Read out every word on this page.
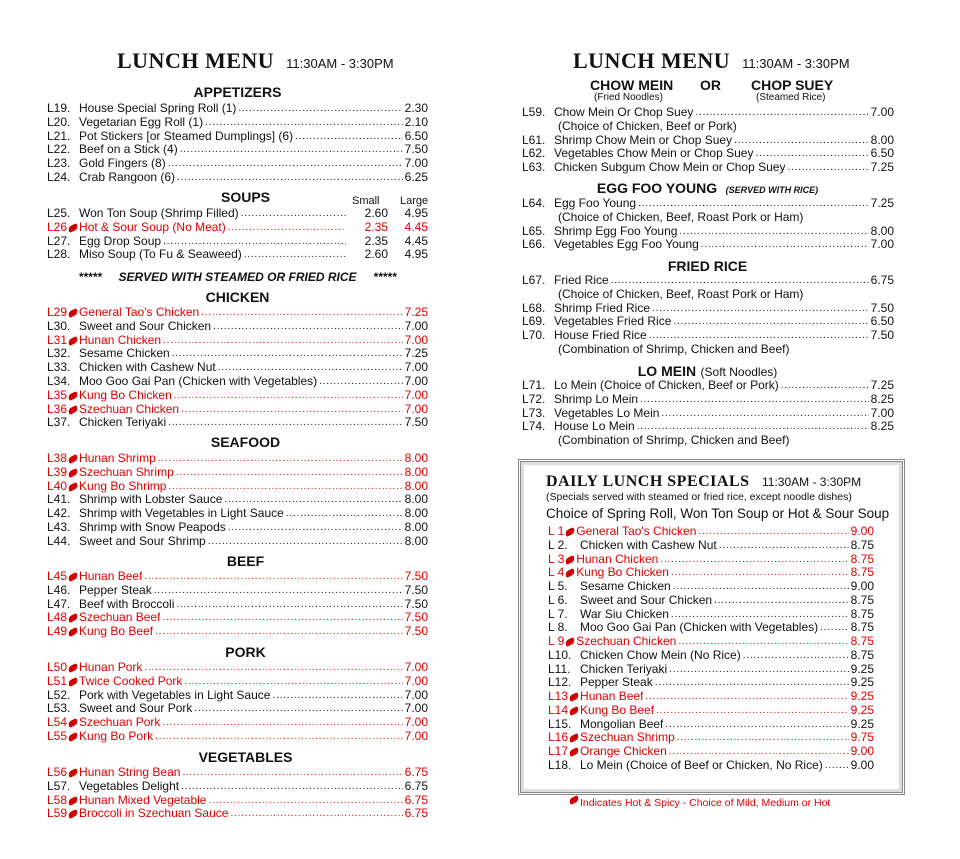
LUNCH MENU 11:30AM - 3:30PM
APPETIZERS
L19. House Special Spring Roll (1) . . .	2.30
L20. Vegetarian Egg Roll (1) . . .	2.10
L21. Pot Stickers [or Steamed Dumplings] (6) . . .	6.50
L22. Beef on a Stick (4) . . .	7.50
L23. Gold Fingers (8) . . .	7.00
L24. Crab Rangoon (6) . . .	6.25
SOUPS	Small Large
L25. Won Ton Soup (Shrimp Filled) . . .	2.60	4.95
L26 Hot & Sour Soup (No Meat) . . .	2.35	4.45
L27. Egg Drop Soup . . .	2.35	4.45
L28. Miso Soup (To Fu & Seaweed) . . .	2.60	4.95
*****     SERVED WITH STEAMED OR FRIED RICE     *****
CHICKEN
L29 General Tao's Chicken . . .	7.25
L30. Sweet and Sour Chicken . . .	7.00
L31 Hunan Chicken . . .	7.00
L32. Sesame Chicken . . .	7.25
L33. Chicken with Cashew Nut . . .	7.00
L34. Moo Goo Gai Pan (Chicken with Vegetables) . . .	7.00
L35 Kung Bo Chicken . . .	7.00
L36 Szechuan Chicken . . .	7.00
L37. Chicken Teriyaki . . .	7.50
SEAFOOD
L38 Hunan Shrimp . . .	8.00
L39 Szechuan Shrimp . . .	8.00
L40 Kung Bo Shrimp . . .	8.00
L41. Shrimp with Lobster Sauce . . .	8.00
L42. Shrimp with Vegetables in Light Sauce . . .	8.00
L43. Shrimp with Snow Peapods . . .	8.00
L44. Sweet and Sour Shrimp . . .	8.00
BEEF
L45 Hunan Beef . . .	7.50
L46. Pepper Steak . . .	7.50
L47. Beef with Broccoli . . .	7.50
L48 Szechuan Beef . . .	7.50
L49 Kung Bo Beef . . .	7.50
PORK
L50 Hunan Pork . . .	7.00
L51 Twice Cooked Pork . . .	7.00
L52. Pork with Vegetables in Light Sauce . . .	7.00
L53. Sweet and Sour Pork . . .	7.00
L54 Szechuan Pork . . .	7.00
L55 Kung Bo Pork . . .	7.00
VEGETABLES
L56 Hunan String Bean . . .	6.75
L57. Vegetables Delight . . .	6.75
L58 Hunan Mixed Vegetable . . .	6.75
L59 Broccoli in Szechuan Sauce . . .	6.75
LUNCH MENU 11:30AM - 3:30PM
CHOW MEIN OR CHOP SUEY
(Fried Noodles)	(Steamed Rice)
L59. Chow Mein Or Chop Suey . . .	7.00
(Choice of Chicken, Beef or Pork)
L61. Shrimp Chow Mein or Chop Suey . . .	8.00
L62. Vegetables Chow Mein or Chop Suey . . .	6.50
L63. Chicken Subgum Chow Mein or Chop Suey . . .	7.25
EGG FOO YOUNG (SERVED WITH RICE)
L64. Egg Foo Young . . .	7.25
(Choice of Chicken, Beef, Roast Pork or Ham)
L65. Shrimp Egg Foo Young . . .	8.00
L66. Vegetables Egg Foo Young . . .	7.00
FRIED RICE
L67. Fried Rice . . .	6.75
(Choice of Chicken, Beef, Roast Pork or Ham)
L68. Shrimp Fried Rice . . .	7.50
L69. Vegetables Fried Rice . . .	6.50
L70. House Fried Rice . . .	7.50
(Combination of Shrimp, Chicken and Beef)
LO MEIN (Soft Noodles)
L71. Lo Mein (Choice of Chicken, Beef or Pork) . . .	7.25
L72. Shrimp Lo Mein . . .	8.25
L73. Vegetables Lo Mein . . .	7.00
L74. House Lo Mein . . .	8.25
(Combination of Shrimp, Chicken and Beef)
DAILY LUNCH SPECIALS 11:30AM - 3:30PM
(Specials served with steamed or fried rice, except noodle dishes)
Choice of Spring Roll, Won Ton Soup or Hot & Sour Soup
L 1 General Tao's Chicken . . .	9.00
L 2.	Chicken with Cashew Nut . . .	8.75
L 3 Hunan Chicken . . .	8.75
L 4 Kung Bo Chicken . . .	8.75
L 5.	Sesame Chicken . . .	9.00
L 6.	Sweet and Sour Chicken . . .	8.75
L 7.	War Siu Chicken . . .	8.75
L 8.	Moo Goo Gai Pan (Chicken with Vegetables) . . .	8.75
L 9 Szechuan Chicken . . .	8.75
L10. Chicken Chow Mein (No Rice) . . .	8.75
L11. Chicken Teriyaki . . .	9.25
L12. Pepper Steak . . .	9.25
L13 Hunan Beef . . .	9.25
L14 Kung Bo Beef . . .	9.25
L15. Mongolian Beef . . .	9.25
L16 Szechuan Shrimp . . .	9.75
L17 Orange Chicken . . .	9.00
L18. Lo Mein (Choice of Beef or Chicken, No Rice) . . . 9.00
Indicates Hot & Spicy - Choice of Mild, Medium or Hot
